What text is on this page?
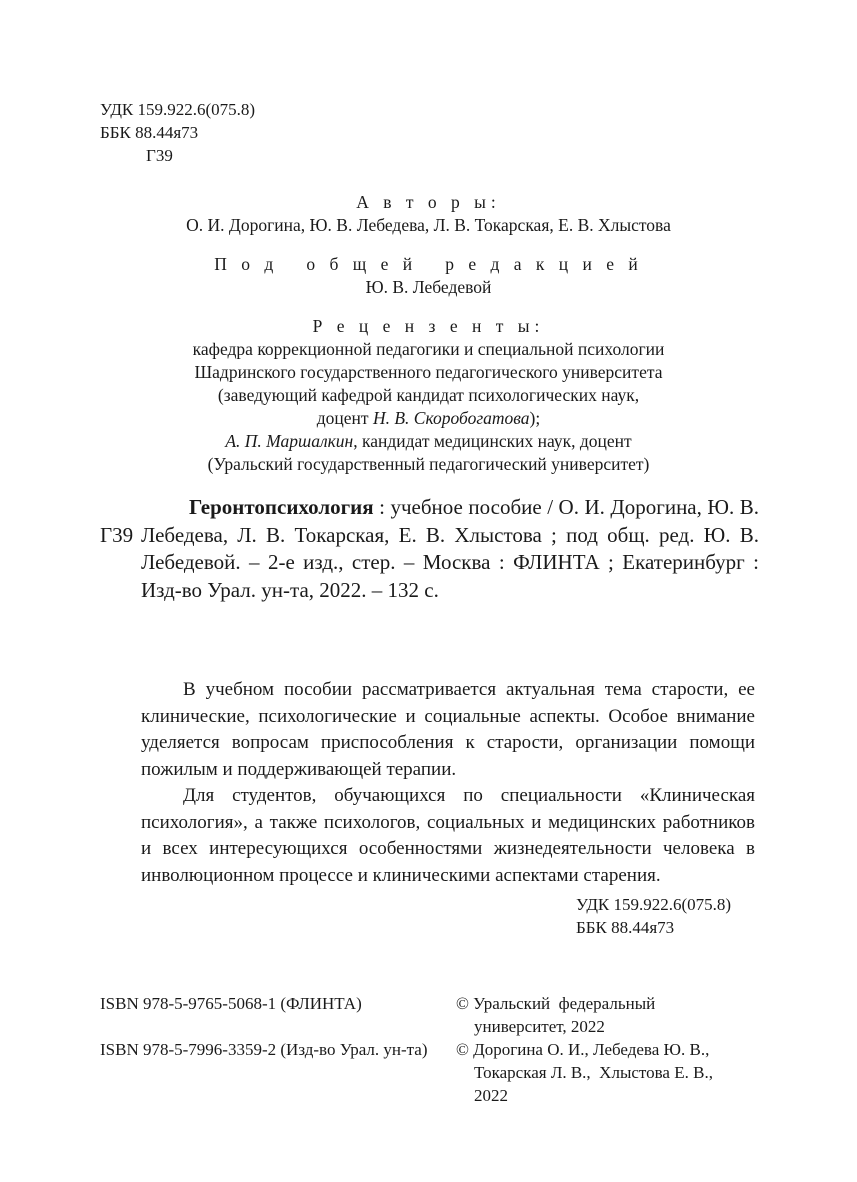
УДК 159.922.6(075.8)
ББК 88.44я73
Г39
А в т о р ы:
О. И. Дорогина, Ю. В. Лебедева, Л. В. Токарская, Е. В. Хлыстова
П о д   о б щ е й   р е д а к ц и е й
Ю. В. Лебедевой
Р е ц е н з е н т ы:
кафедра коррекционной педагогики и специальной психологии
Шадринского государственного педагогического университета
(заведующий кафедрой кандидат психологических наук,
доцент Н. В. Скоробогатова);
А. П. Маршалкин, кандидат медицинских наук, доцент
(Уральский государственный педагогический университет)
Г39
Геронтопсихология : учебное пособие / О. И. Дорогина, Ю. В. Лебедева, Л. В. Токарская, Е. В. Хлыстова ; под общ. ред. Ю. В. Лебедевой. – 2-е изд., стер. – Москва : ФЛИНТА ; Екатеринбург : Изд-во Урал. ун-та, 2022. – 132 с.

В учебном пособии рассматривается актуальная тема старости, ее клинические, психологические и социальные аспекты. Особое внимание уделяется вопросам приспособления к старости, организации помощи пожилым и поддерживающей терапии.

Для студентов, обучающихся по специальности «Клиническая психология», а также психологов, социальных и медицинских работников и всех интересующихся особенностями жизнедеятельности человека в инволюционном процессе и клиническими аспектами старения.

УДК 159.922.6(075.8)
ББК 88.44я73
ISBN 978-5-9765-5068-1 (ФЛИНТА)
ISBN 978-5-7996-3359-2 (Изд-во Урал. ун-та)
© Уральский  федеральный
университет, 2022
© Дорогина О. И., Лебедева Ю. В.,
Токарская Л. В.,  Хлыстова Е. В.,
2022
